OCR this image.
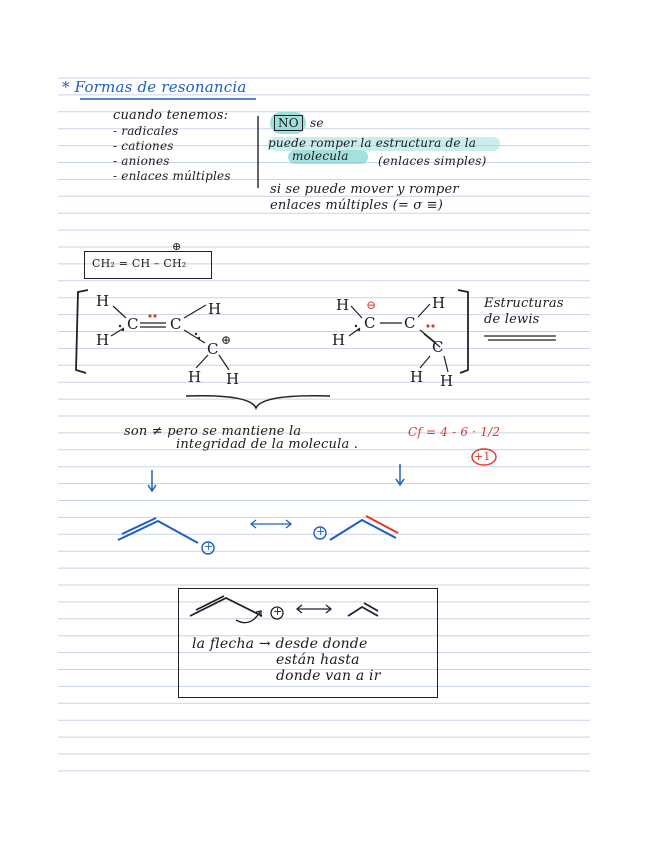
* Formas de resonancia
cuando tenemos:
- radicales
- cationes
- aniones
- enlaces múltiples
NO se
puede romper la estructura de la
molecula (enlaces simples)
si se puede mover y romper
enlaces múltiples (= σ ≡)
CH₂ = CH – CH₂
⊕
H
H
C C
H
C ⊕
H H
H ⊖
H
C C
H
C
H H
Estructuras
de lewis
son ≠ pero se mantiene la
integridad de la molecula .
Cf = 4 - 6 · 1/2
+1
+
+
+
la flecha → desde donde
están hasta
donde van a ir
